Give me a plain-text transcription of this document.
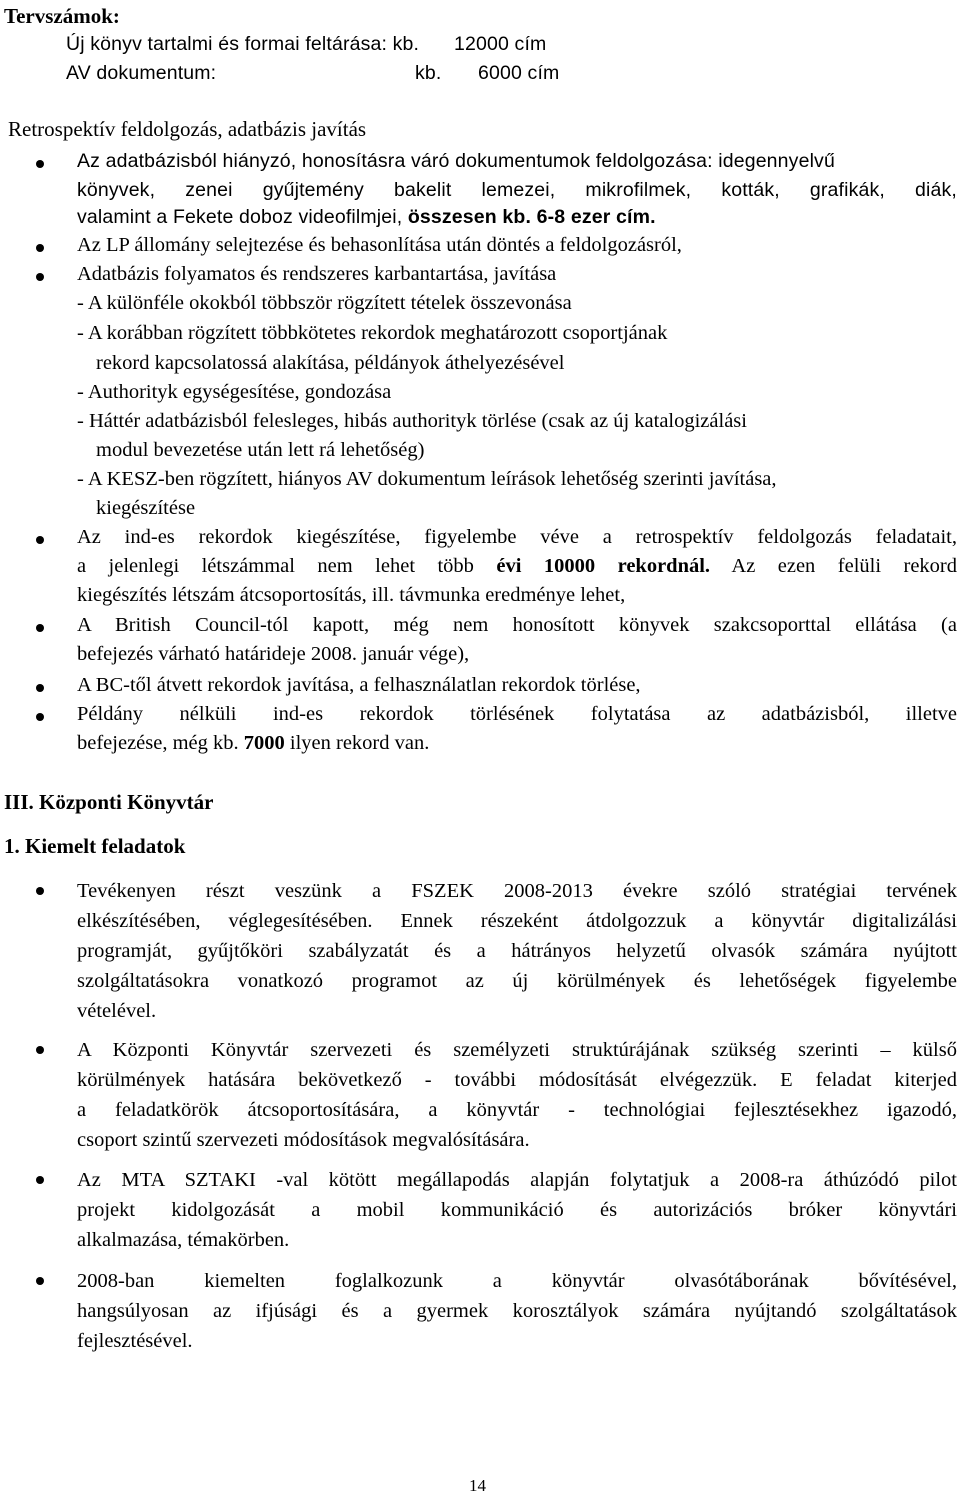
Tervszámok:
Új könyv tartalmi és formai feltárása: kb. 12000 cím
AV dokumentum:	kb. 6000 cím
Retrospektív feldolgozás, adatbázis javítás
Az adatbázisból hiányzó, honosításra váró dokumentumok feldolgozása: idegennyelvű
könyvek, zenei gyűjtemény bakelit lemezei, mikrofilmek, kották, grafikák, diák,
valamint a Fekete doboz videofilmjei, összesen kb. 6-8 ezer cím.
Az LP állomány selejtezése és behasonlítása után döntés a feldolgozásról,
Adatbázis folyamatos és rendszeres karbantartása, javítása
- A különféle okokból többször rögzített tételek összevonása
- A korábban rögzített többkötetes rekordok meghatározott csoportjának
rekord kapcsolatossá alakítása, példányok áthelyezésével
- Authorityk egységesítése, gondozása
- Háttér adatbázisból felesleges, hibás authorityk törlése (csak az új katalogizálási
modul bevezetése után lett rá lehetőség)
- A KESZ-ben rögzített, hiányos AV dokumentum leírások lehetőség szerinti javítása,
kiegészítése
Az ind-es rekordok kiegészítése, figyelembe véve a retrospektív feldolgozás feladatait,
a jelenlegi létszámmal nem lehet több évi 10000 rekordnál. Az ezen felüli rekord
kiegészítés létszám átcsoportosítás, ill. távmunka eredménye lehet,
A British Council-tól kapott, még nem honosított könyvek szakcsoporttal ellátása (a
befejezés várható határideje 2008. január vége),
A BC-től átvett rekordok javítása, a felhasználatlan rekordok törlése,
Példány nélküli ind-es rekordok törlésének folytatása az adatbázisból, illetve
befejezése, még kb. 7000 ilyen rekord van.
III. Központi Könyvtár
1. Kiemelt feladatok
Tevékenyen részt veszünk a FSZEK 2008-2013 évekre szóló stratégiai tervének
elkészítésében, véglegesítésében. Ennek részeként átdolgozzuk a könyvtár digitalizálási
programját, gyűjtőköri szabályzatát és a hátrányos helyzetű olvasók számára nyújtott
szolgáltatásokra vonatkozó programot az új körülmények és lehetőségek figyelembe
vételével.
A Központi Könyvtár szervezeti és személyzeti struktúrájának szükség szerinti – külső
körülmények hatására bekövetkező - további módosítását elvégezzük. E feladat kiterjed
a feladatkörök átcsoportosítására, a könyvtár - technológiai fejlesztésekhez igazodó,
csoport szintű szervezeti módosítások megvalósítására.
Az MTA SZTAKI -val kötött megállapodás alapján folytatjuk a 2008-ra áthúzódó pilot
projekt kidolgozását a mobil kommunikáció és autorizációs bróker könyvtári
alkalmazása, témakörben.
2008-ban kiemelten foglalkozunk a könyvtár olvasótáborának bővítésével,
hangsúlyosan az ifjúsági és a gyermek korosztályok számára nyújtandó szolgáltatások
fejlesztésével.
14
